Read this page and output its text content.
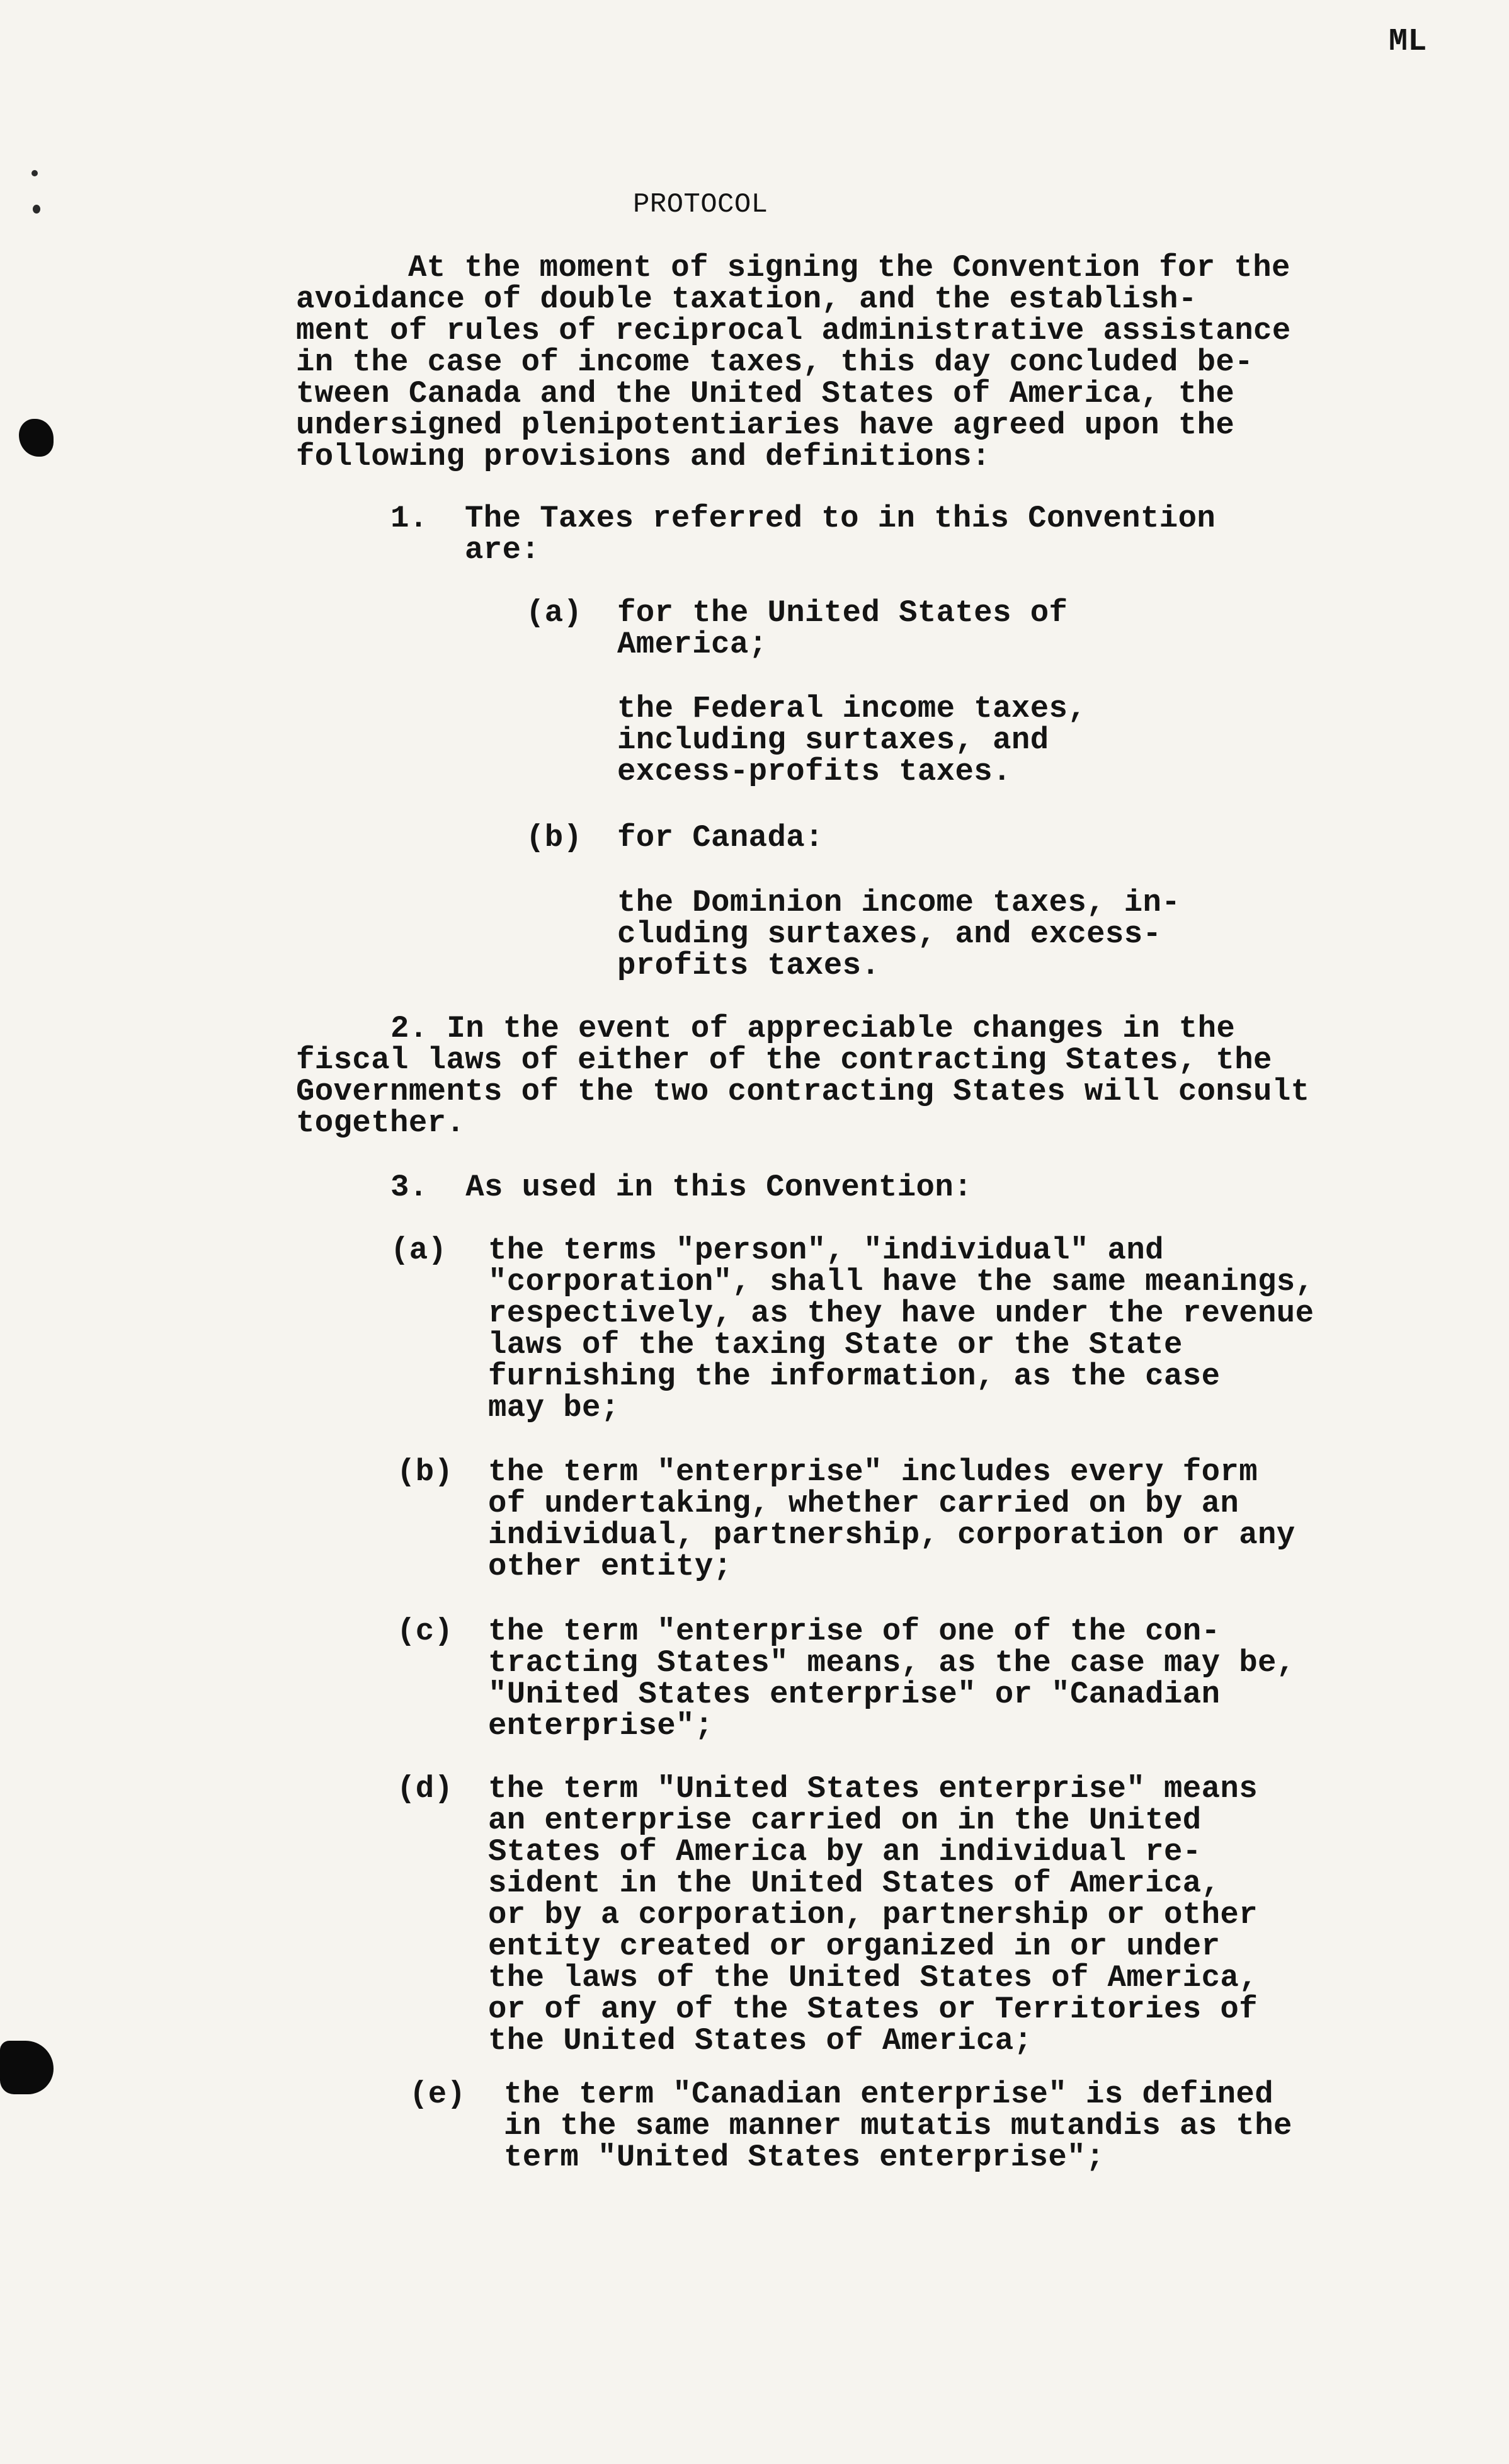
ML
PROTOCOL
At the moment of signing the Convention for the
avoidance of double taxation, and the establish-
ment of rules of reciprocal administrative assistance
in the case of income taxes, this day concluded be-
tween Canada and the United States of America, the
undersigned plenipotentiaries have agreed upon the
following provisions and definitions:
1. The Taxes referred to in this Convention
are:
(a) for the United States of
America;
the Federal income taxes,
including surtaxes, and
excess-profits taxes.
(b) for Canada:
the Dominion income taxes, in-
cluding surtaxes, and excess-
profits taxes.
2. In the event of appreciable changes in the
fiscal laws of either of the contracting States, the
Governments of the two contracting States will consult
together.
3.  As used in this Convention:
(a) the terms "person", "individual" and
"corporation", shall have the same meanings,
respectively, as they have under the revenue
laws of the taxing State or the State
furnishing the information, as the case
may be;
(b) the term "enterprise" includes every form
of undertaking, whether carried on by an
individual, partnership, corporation or any
other entity;
(c) the term "enterprise of one of the con-
tracting States" means, as the case may be,
"United States enterprise" or "Canadian
enterprise";
(d) the term "United States enterprise" means
an enterprise carried on in the United
States of America by an individual re-
sident in the United States of America,
or by a corporation, partnership or other
entity created or organized in or under
the laws of the United States of America,
or of any of the States or Territories of
the United States of America;
(e) the term "Canadian enterprise" is defined
in the same manner mutatis mutandis as the
term "United States enterprise";
